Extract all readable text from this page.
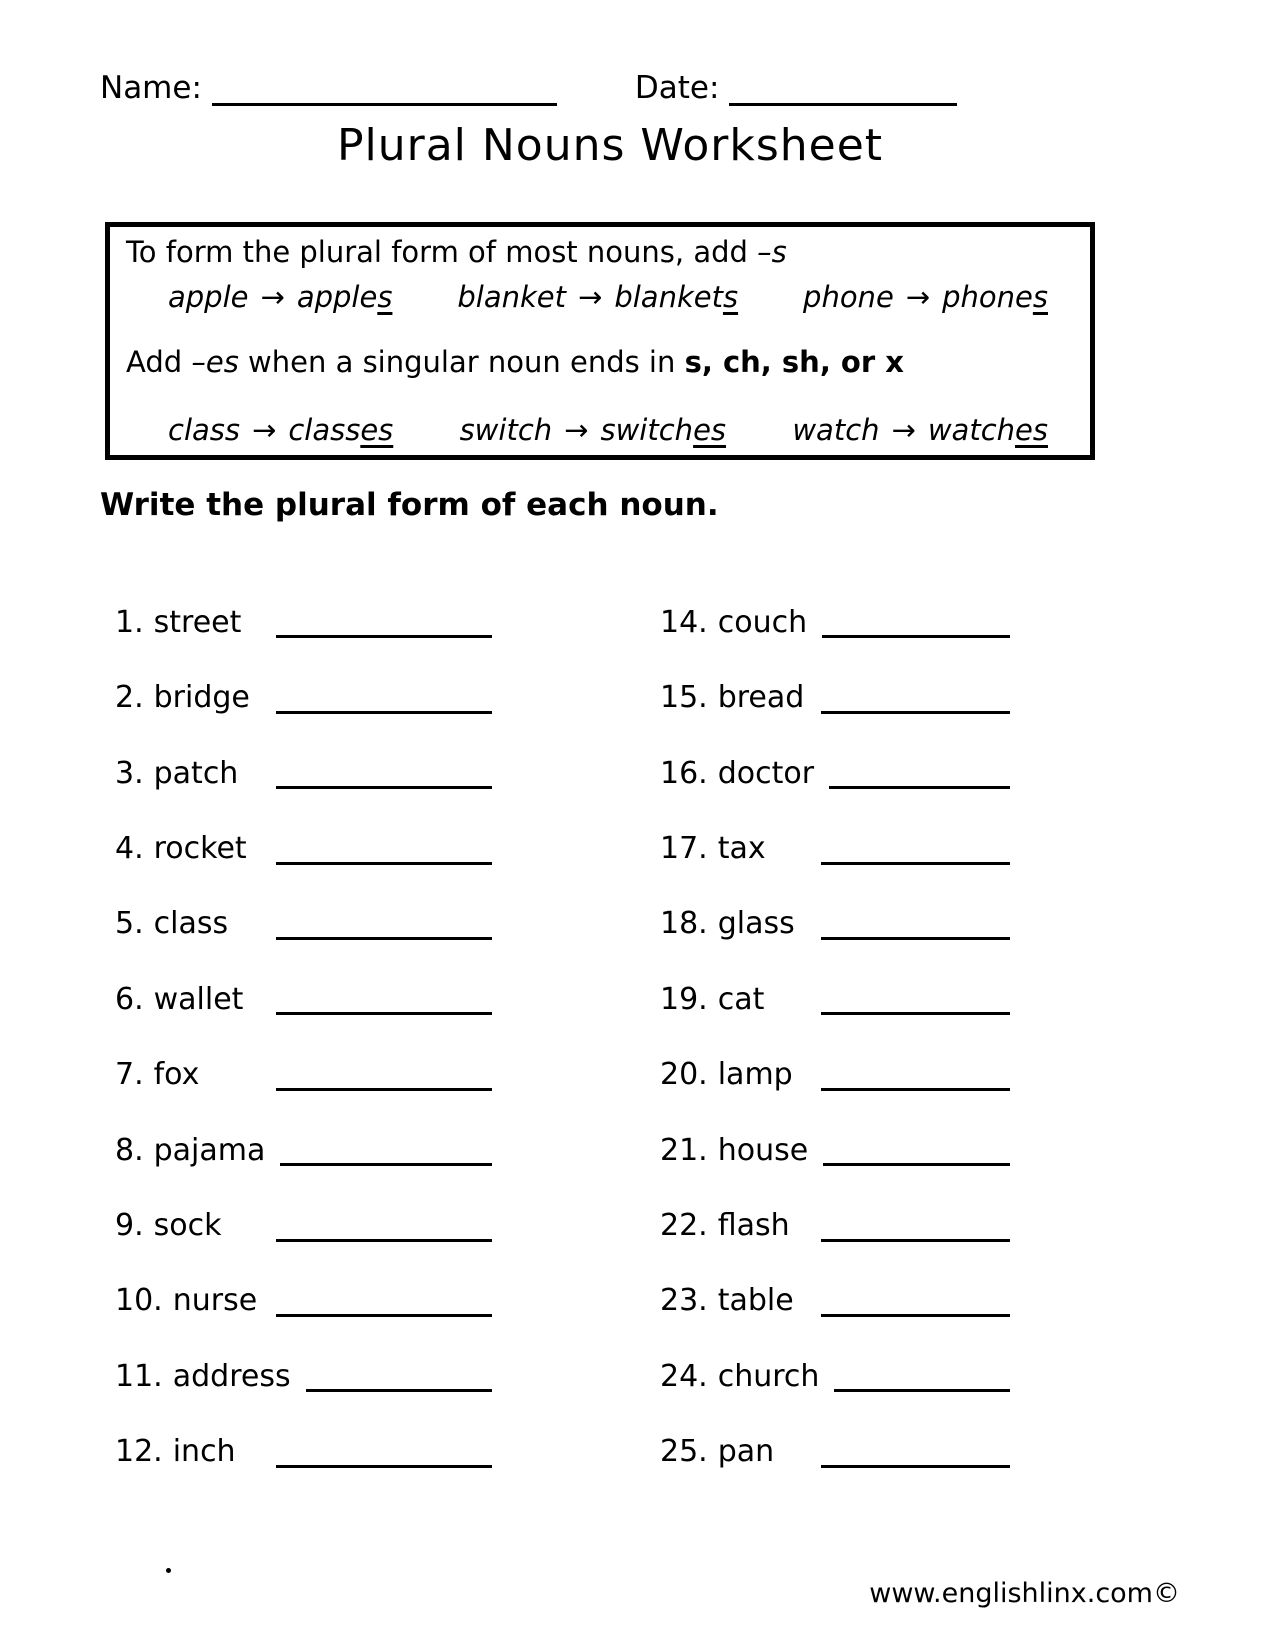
Name:	Date:
Plural Nouns Worksheet
To form the plural form of most nouns, add –s
apple → apples blanket → blankets phone → phones
Add –es when a singular noun ends in s, ch, sh, or x
class → classes switch → switches watch → watches
Write the plural form of each noun.
1. street
2. bridge
3. patch
4. rocket
5. class
6. wallet
7. fox
8. pajama
9. sock
10. nurse
11. address
12. inch
14. couch
15. bread
16. doctor
17. tax
18. glass
19. cat
20. lamp
21. house
22. flash
23. table
24. church
25. pan
www.englishlinx.com©
